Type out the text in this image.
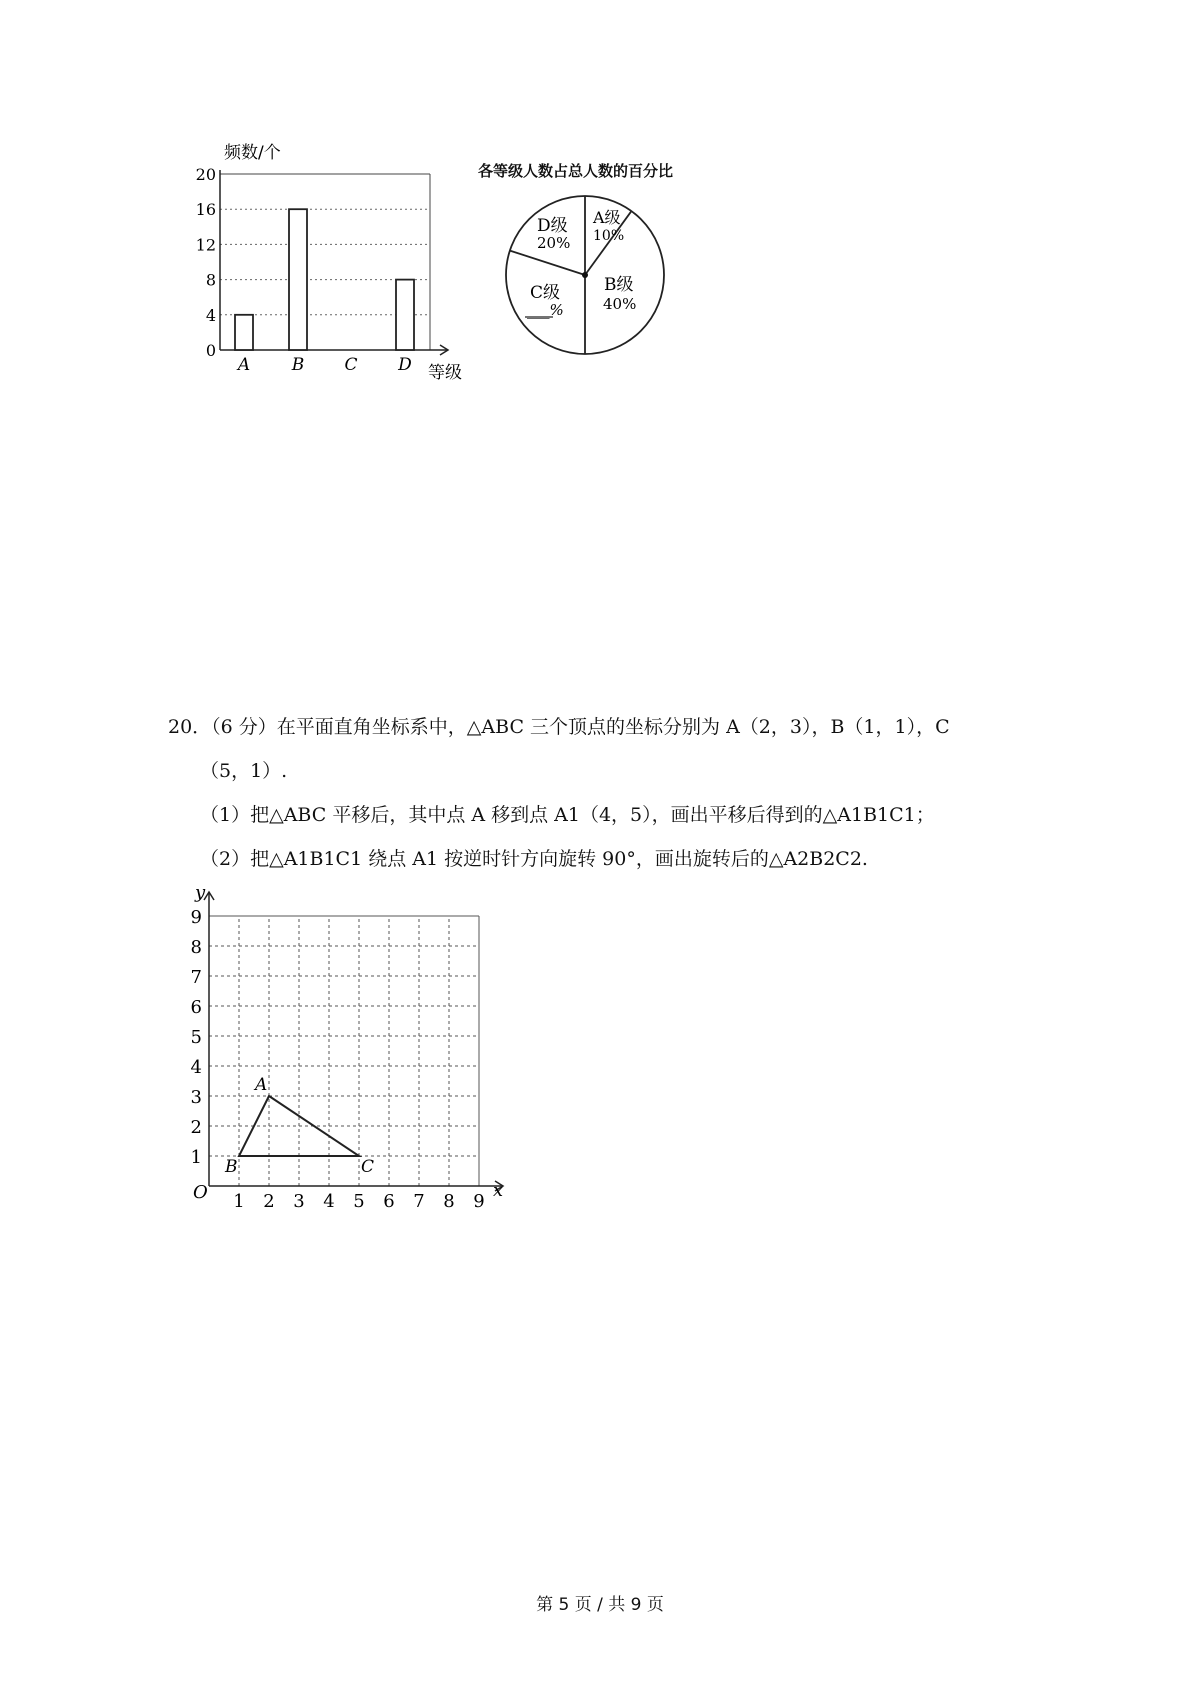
0
4
8
12
16
20
A B C D
频数/个
等级
各等级人数占总人数的百分比
D级
20%
A级
10%
B级
40%
C级
___%
20．（6 分）在平面直角坐标系中，△ABC 三个顶点的坐标分别为 A（2，3），B（1，1），C
（5，1）.
（1）把△ABC 平移后，其中点 A 移到点 A1（4，5），画出平移后得到的△A1B1C1；
（2）把△A1B1C1 绕点 A1 按逆时针方向旋转 90°，画出旋转后的△A2B2C2.
1 2 3 4 5 6 7 8 9
1
2
3
4
5
6
7
8
9
A
B	C
O	x
y
第 5 页 / 共 9 页
